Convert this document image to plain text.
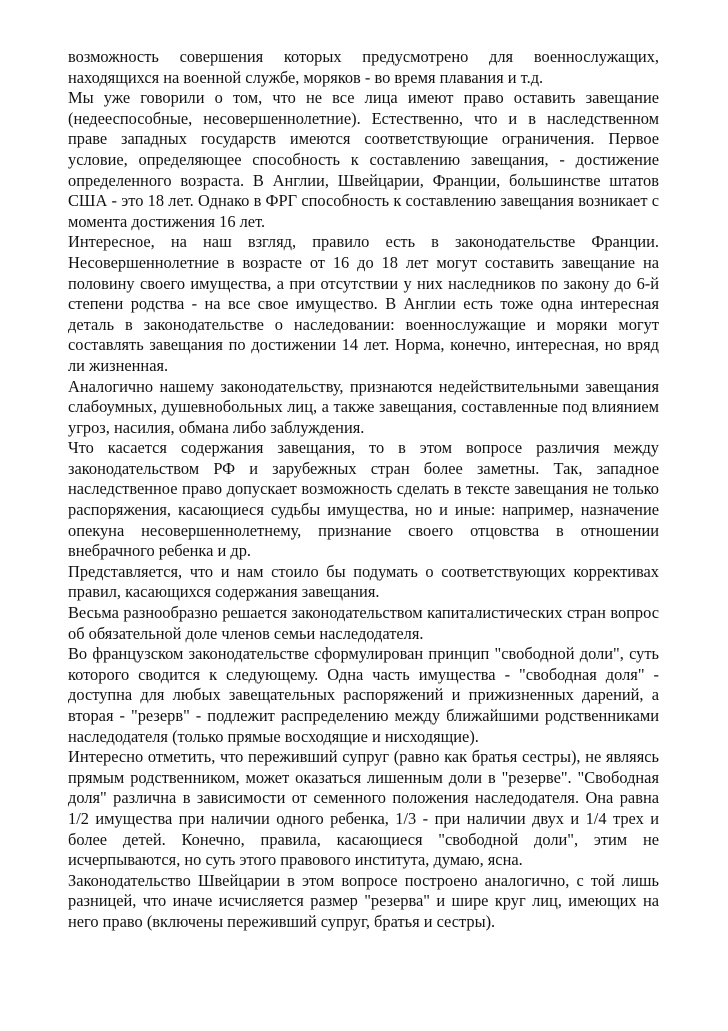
возможность совершения которых предусмотрено для военнослужащих, находящихся на военной службе, моряков - во время плавания и т.д.

Мы уже говорили о том, что не все лица имеют право оставить завещание (недееспособные, несовершеннолетние). Естественно, что и в наследственном праве западных государств имеются соответствующие ограничения. Первое условие, определяющее способность к составлению завещания, - достижение определенного возраста. В Англии, Швейцарии, Франции, большинстве штатов США - это 18 лет. Однако в ФРГ способность к составлению завещания возникает с момента достижения 16 лет.

Интересное, на наш взгляд, правило есть в законодательстве Франции. Несовершеннолетние в возрасте от 16 до 18 лет могут составить завещание на половину своего имущества, а при отсутствии у них наследников по закону до 6-й степени родства - на все свое имущество. В Англии есть тоже одна интересная деталь в законодательстве о наследовании: военнослужащие и моряки могут составлять завещания по достижении 14 лет. Норма, конечно, интересная, но вряд ли жизненная.

Аналогично нашему законодательству, признаются недействительными завещания слабоумных, душевнобольных лиц, а также завещания, составленные под влиянием угроз, насилия, обмана либо заблуждения.

Что касается содержания завещания, то в этом вопросе различия между законодательством РФ и зарубежных стран более заметны. Так, западное наследственное право допускает возможность сделать в тексте завещания не только распоряжения, касающиеся судьбы имущества, но и иные: например, назначение опекуна несовершеннолетнему, признание своего отцовства в отношении внебрачного ребенка и др.

Представляется, что и нам стоило бы подумать о соответствующих коррективах правил, касающихся содержания завещания.

Весьма разнообразно решается законодательством капиталистических стран вопрос об обязательной доле членов семьи наследодателя.

Во французском законодательстве сформулирован принцип "свободной доли", суть которого сводится к следующему. Одна часть имущества - "свободная доля" - доступна для любых завещательных распоряжений и прижизненных дарений, а вторая - "резерв" - подлежит распределению между ближайшими родственниками наследодателя (только прямые восходящие и нисходящие).

Интересно отметить, что переживший супруг (равно как братья сестры), не являясь прямым родственником, может оказаться лишенным доли в "резерве". "Свободная доля" различна в зависимости от семенного положения наследодателя. Она равна 1/2 имущества при наличии одного ребенка, 1/3 - при наличии двух и 1/4 трех и более детей. Конечно, правила, касающиеся "свободной доли", этим не исчерпываются, но суть этого правового института, думаю, ясна.

Законодательство Швейцарии в этом вопросе построено аналогично, с той лишь разницей, что иначе исчисляется размер "резерва" и шире круг лиц, имеющих на него право (включены переживший супруг, братья и сестры).
